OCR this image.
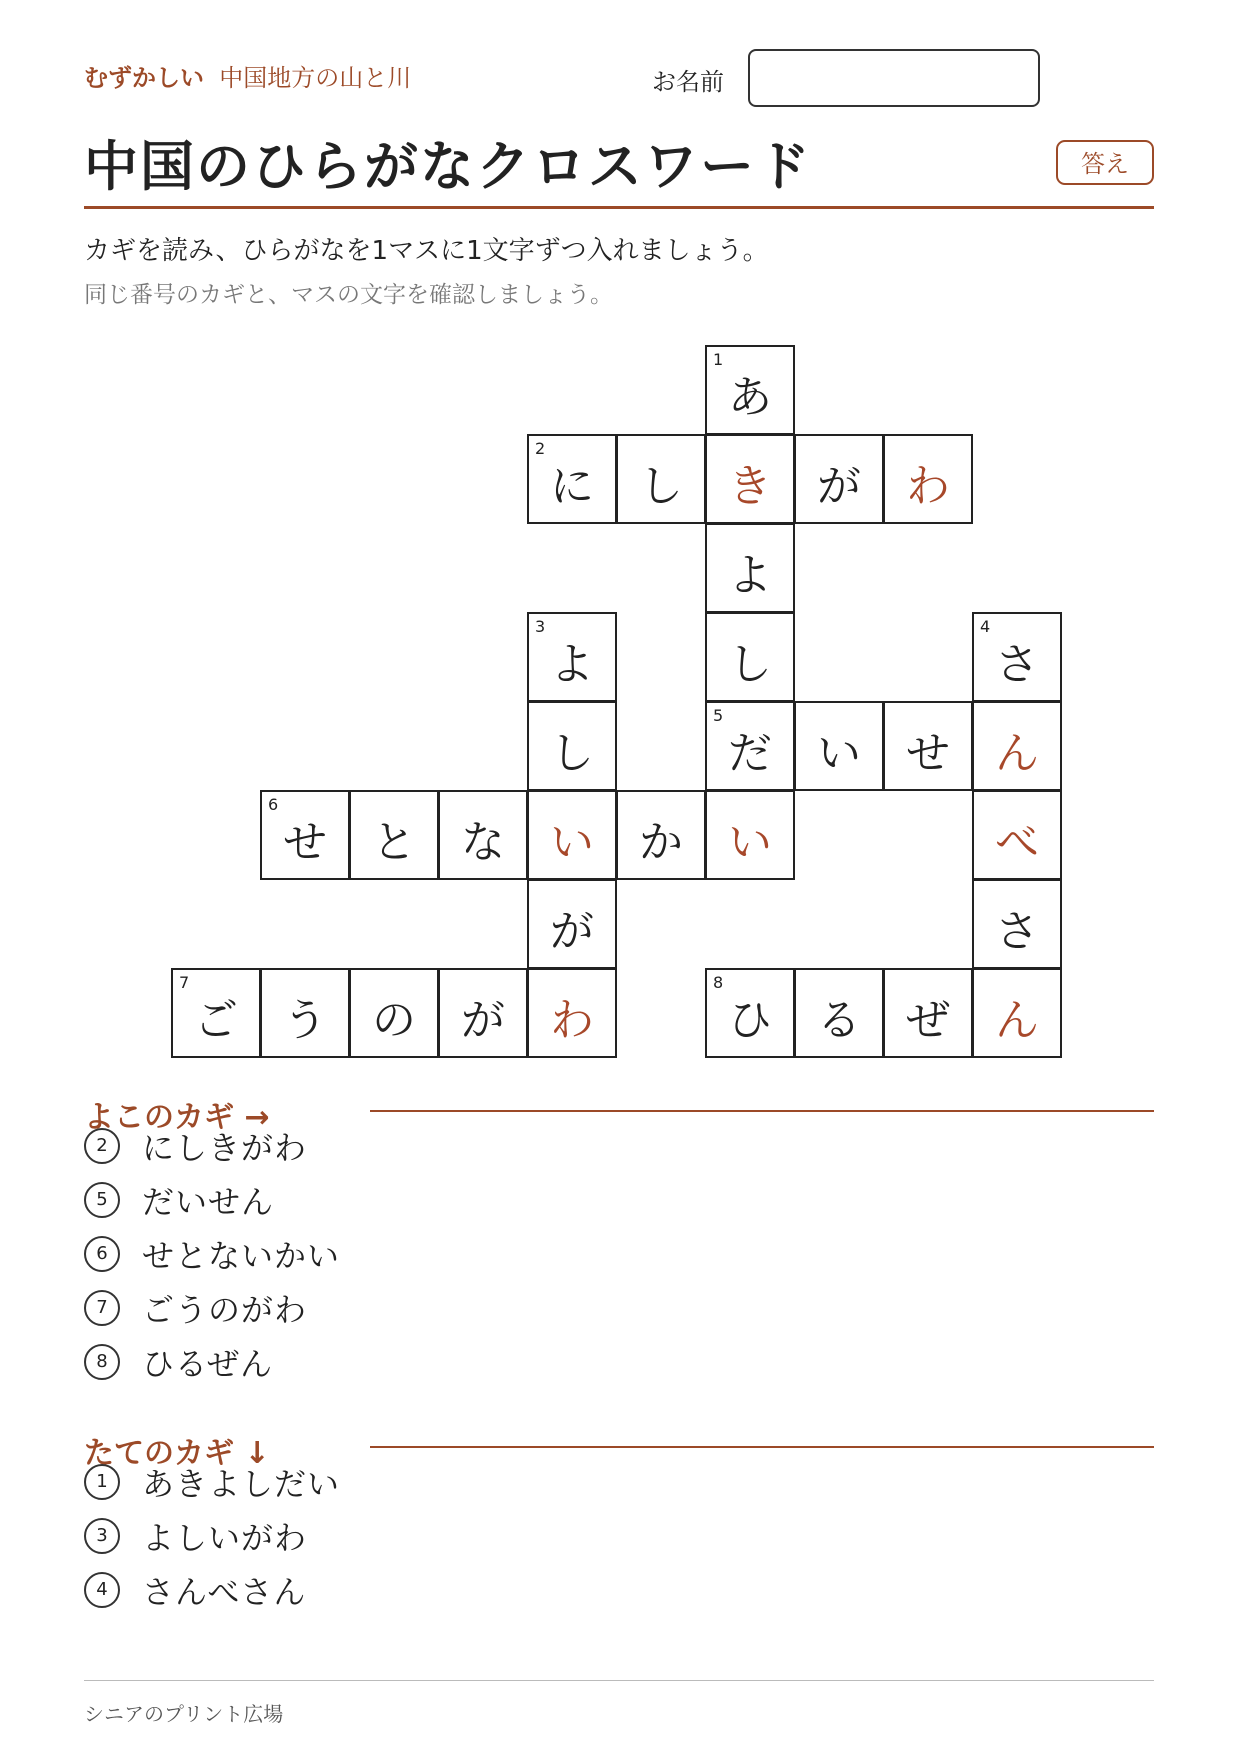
むずかしい 中国地方の山と川	お名前
中国のひらがなクロスワード	答え
カギを読み、ひらがなを1マスに1文字ずつ入れましょう。
同じ番号のカギと、マスの文字を確認しましょう。
1
あ
2
に	し	き	が	わ
よ
3
よ	し
4
さ
し
5
だ	い	せ	ん
6
せ	と	な	い	か	い	べ
が	さ
7
ご	う	の	が	わ
8
ひ	る	ぜ	ん
よこのカギ →
2	にしきがわ
5	だいせん
6	せとないかい
7	ごうのがわ
8	ひるぜん
たてのカギ ↓
1	あきよしだい
3	よしいがわ
4	さんべさん
シニアのプリント広場
